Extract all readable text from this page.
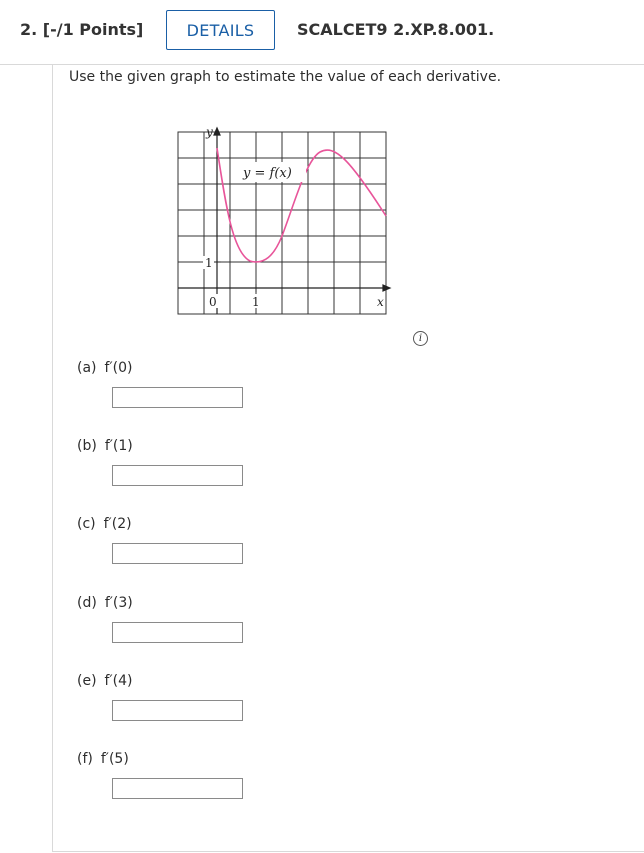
2. [-/1 Points]	DETAILS	SCALCET9 2.XP.8.001.
Use the given graph to estimate the value of each derivative.
y = f(x)
y
x
1
0	1
i
(a) f′(0)
(b) f′(1)
(c) f′(2)
(d) f′(3)
(e) f′(4)
(f) f′(5)
